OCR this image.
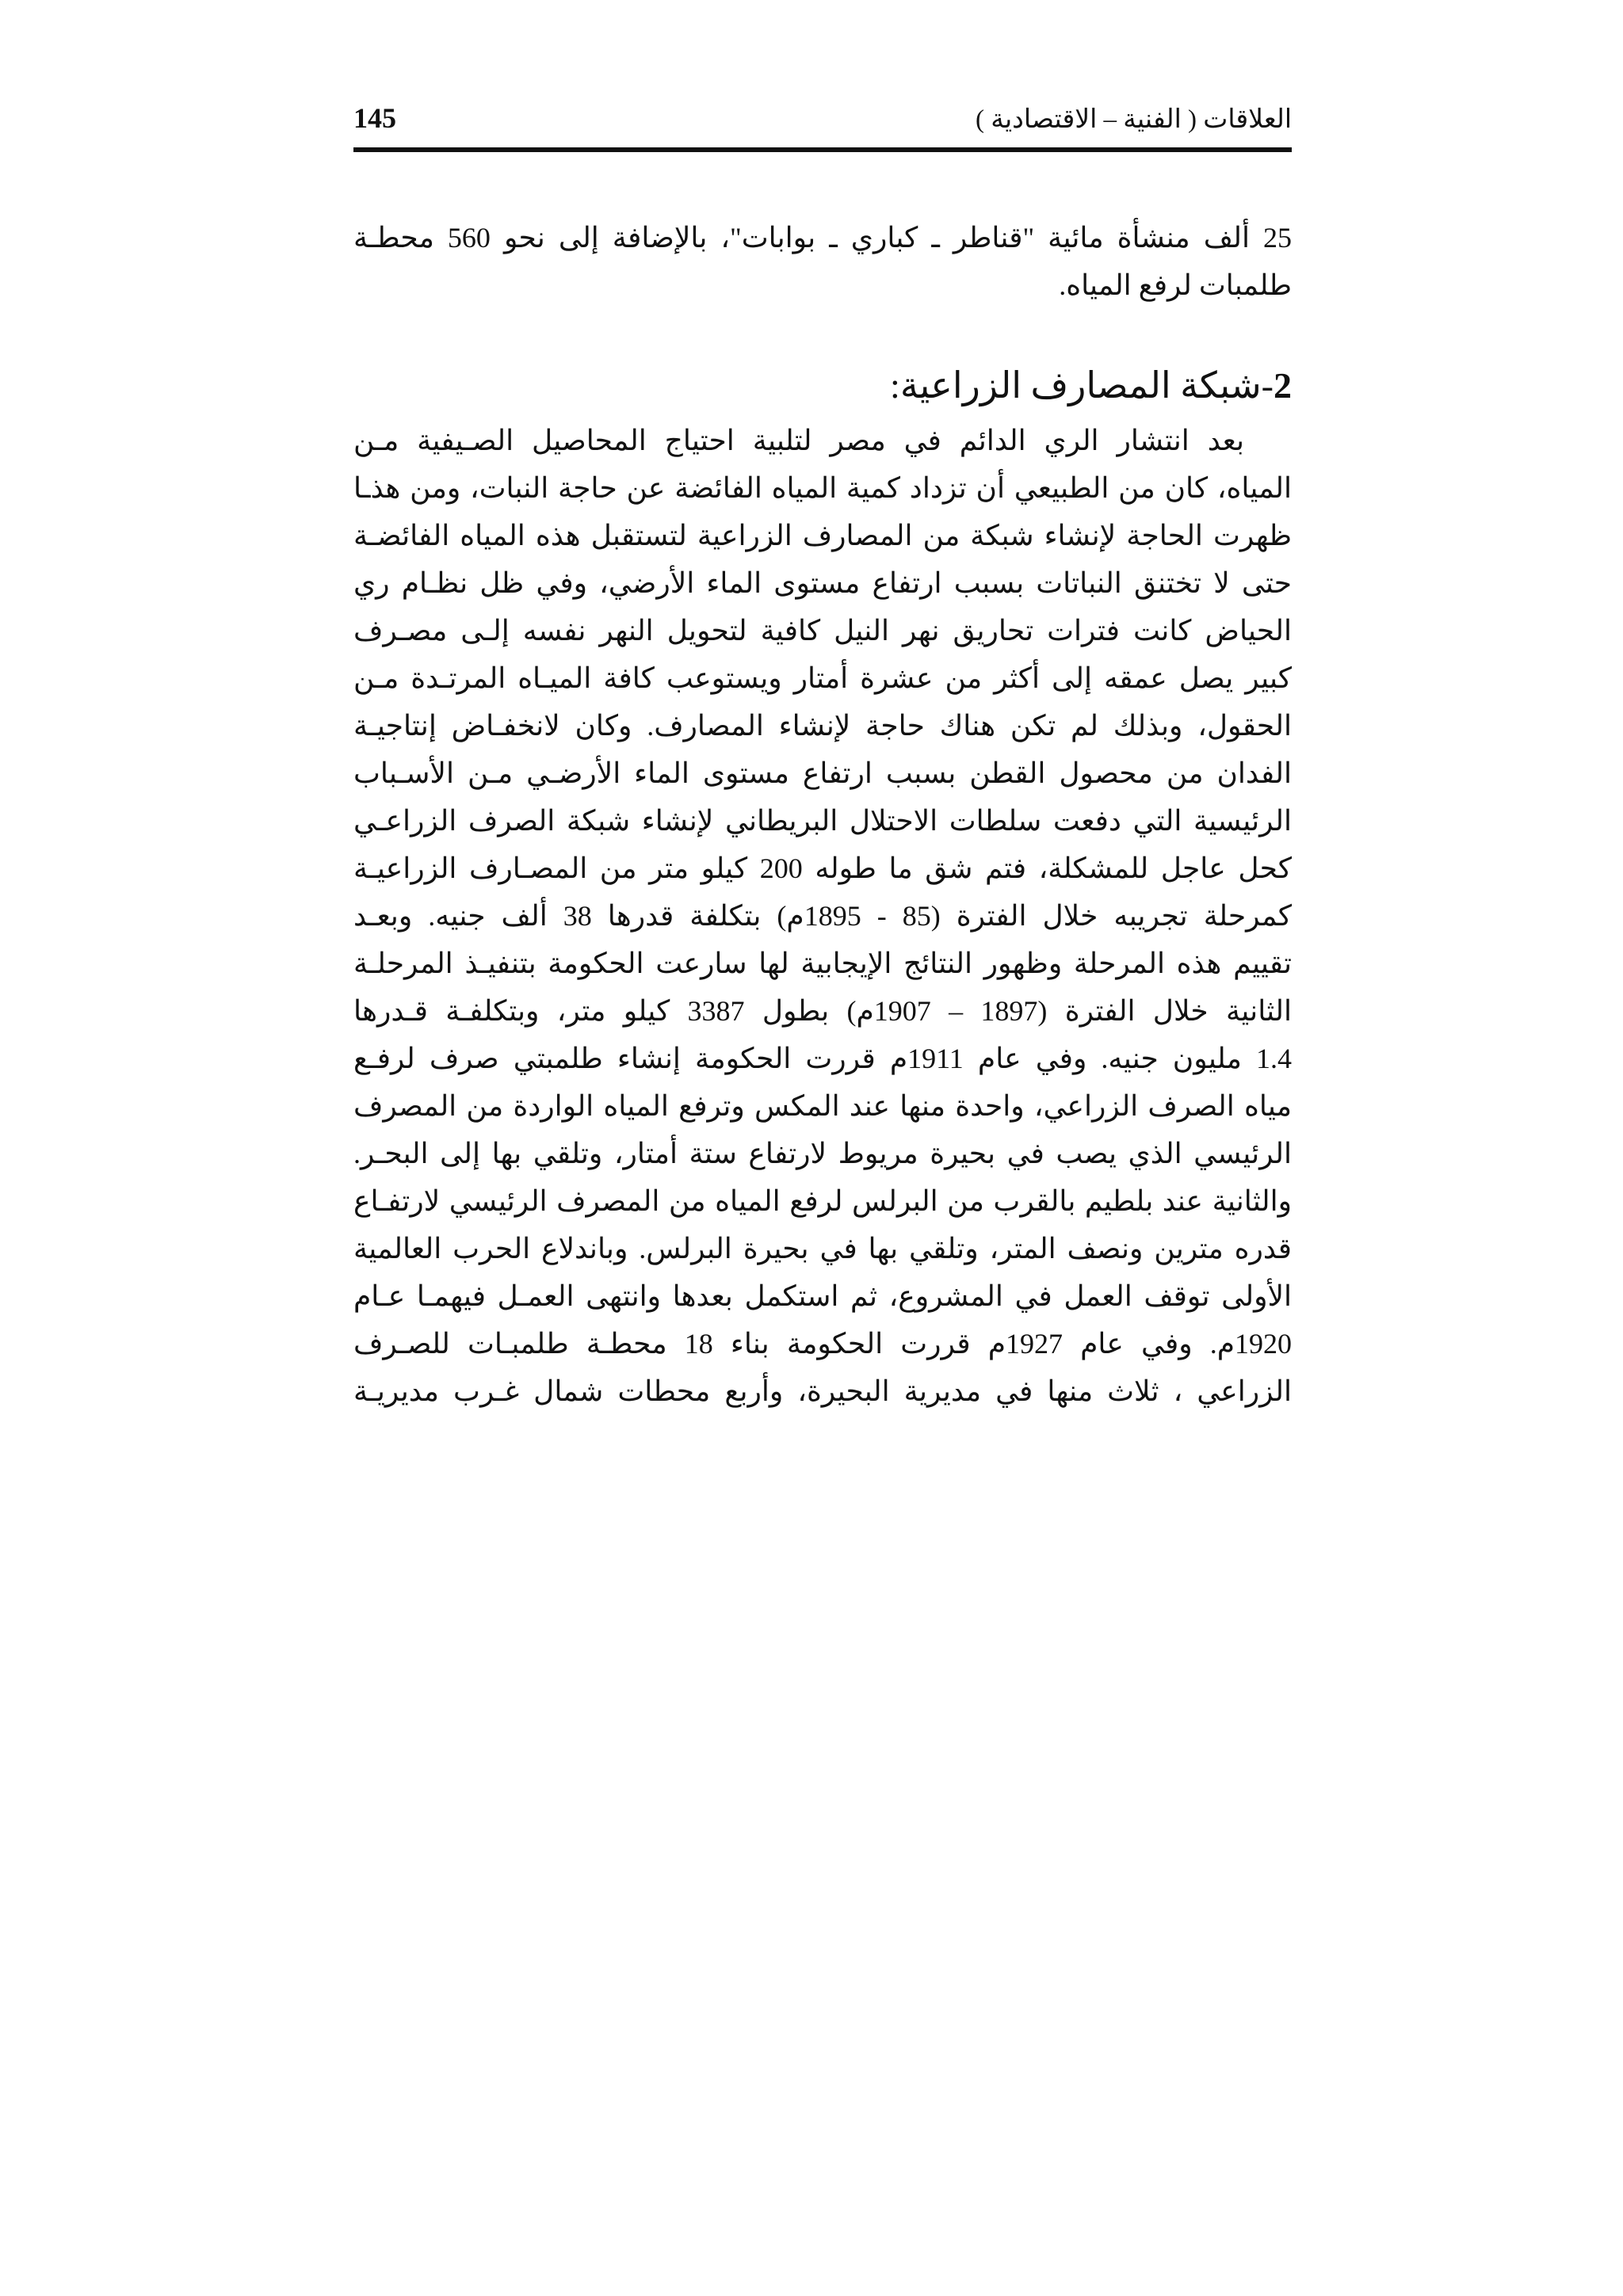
العلاقات ( الفنية – الاقتصادية )
145
25 ألف منشأة مائية "قناطر ـ كباري ـ بوابات"، بالإضافة إلى نحو 560 محطـة
طلمبات لرفع المياه.
2-شبكة المصارف الزراعية:
بعد انتشار الري الدائم في مصر لتلبية احتياج المحاصيل الصـيفية مـن
المياه، كان من الطبيعي أن تزداد كمية المياه الفائضة عن حاجة النبات، ومن هذـا
ظهرت الحاجة لإنشاء شبكة من المصارف الزراعية لتستقبل هذه المياه الفائضـة
حتى لا تختنق النباتات بسبب ارتفاع مستوى الماء الأرضي، وفي ظل نظـام ري
الحياض كانت فترات تحاريق نهر النيل كافية لتحويل النهر نفسه إلـى مصـرف
كبير يصل عمقه إلى أكثر من عشرة أمتار ويستوعب كافة الميـاه المرتـدة مـن
الحقول، وبذلك لم تكن هناك حاجة لإنشاء المصارف. وكان لانخفـاض إنتاجيـة
الفدان من محصول القطن بسبب ارتفاع مستوى الماء الأرضـي مـن الأسـباب
الرئيسية التي دفعت سلطات الاحتلال البريطاني لإنشاء شبكة الصرف الزراعـي
كحل عاجل للمشكلة، فتم شق ما طوله 200 كيلو متر من المصـارف الزراعيـة
كمرحلة تجريبه خلال الفترة (85 - 1895م) بتكلفة قدرها 38 ألف جنيه. وبعـد
تقييم هذه المرحلة وظهور النتائج الإيجابية لها سارعت الحكومة بتنفيـذ المرحلـة
الثانية خلال الفترة (1897 – 1907م) بطول 3387 كيلو متر، وبتكلفـة قـدرها
1.4 مليون جنيه. وفي عام 1911م قررت الحكومة إنشاء طلمبتي صرف لرفـع
مياه الصرف الزراعي، واحدة منها عند المكس وترفع المياه الواردة من المصرف
الرئيسي الذي يصب في بحيرة مريوط لارتفاع ستة أمتار، وتلقي بها إلى البحـر.
والثانية عند بلطيم بالقرب من البرلس لرفع المياه من المصرف الرئيسي لارتفـاع
قدره مترين ونصف المتر، وتلقي بها في بحيرة البرلس. وباندلاع الحرب العالمية
الأولى توقف العمل في المشروع، ثم استكمل بعدها وانتهى العمـل فيهمـا عـام
1920م. وفي عام 1927م قررت الحكومة بناء 18 محطـة طلمبـات للصـرف
الزراعي ، ثلاث منها في مديرية البحيرة، وأربع محطات شمال غـرب مديريـة
